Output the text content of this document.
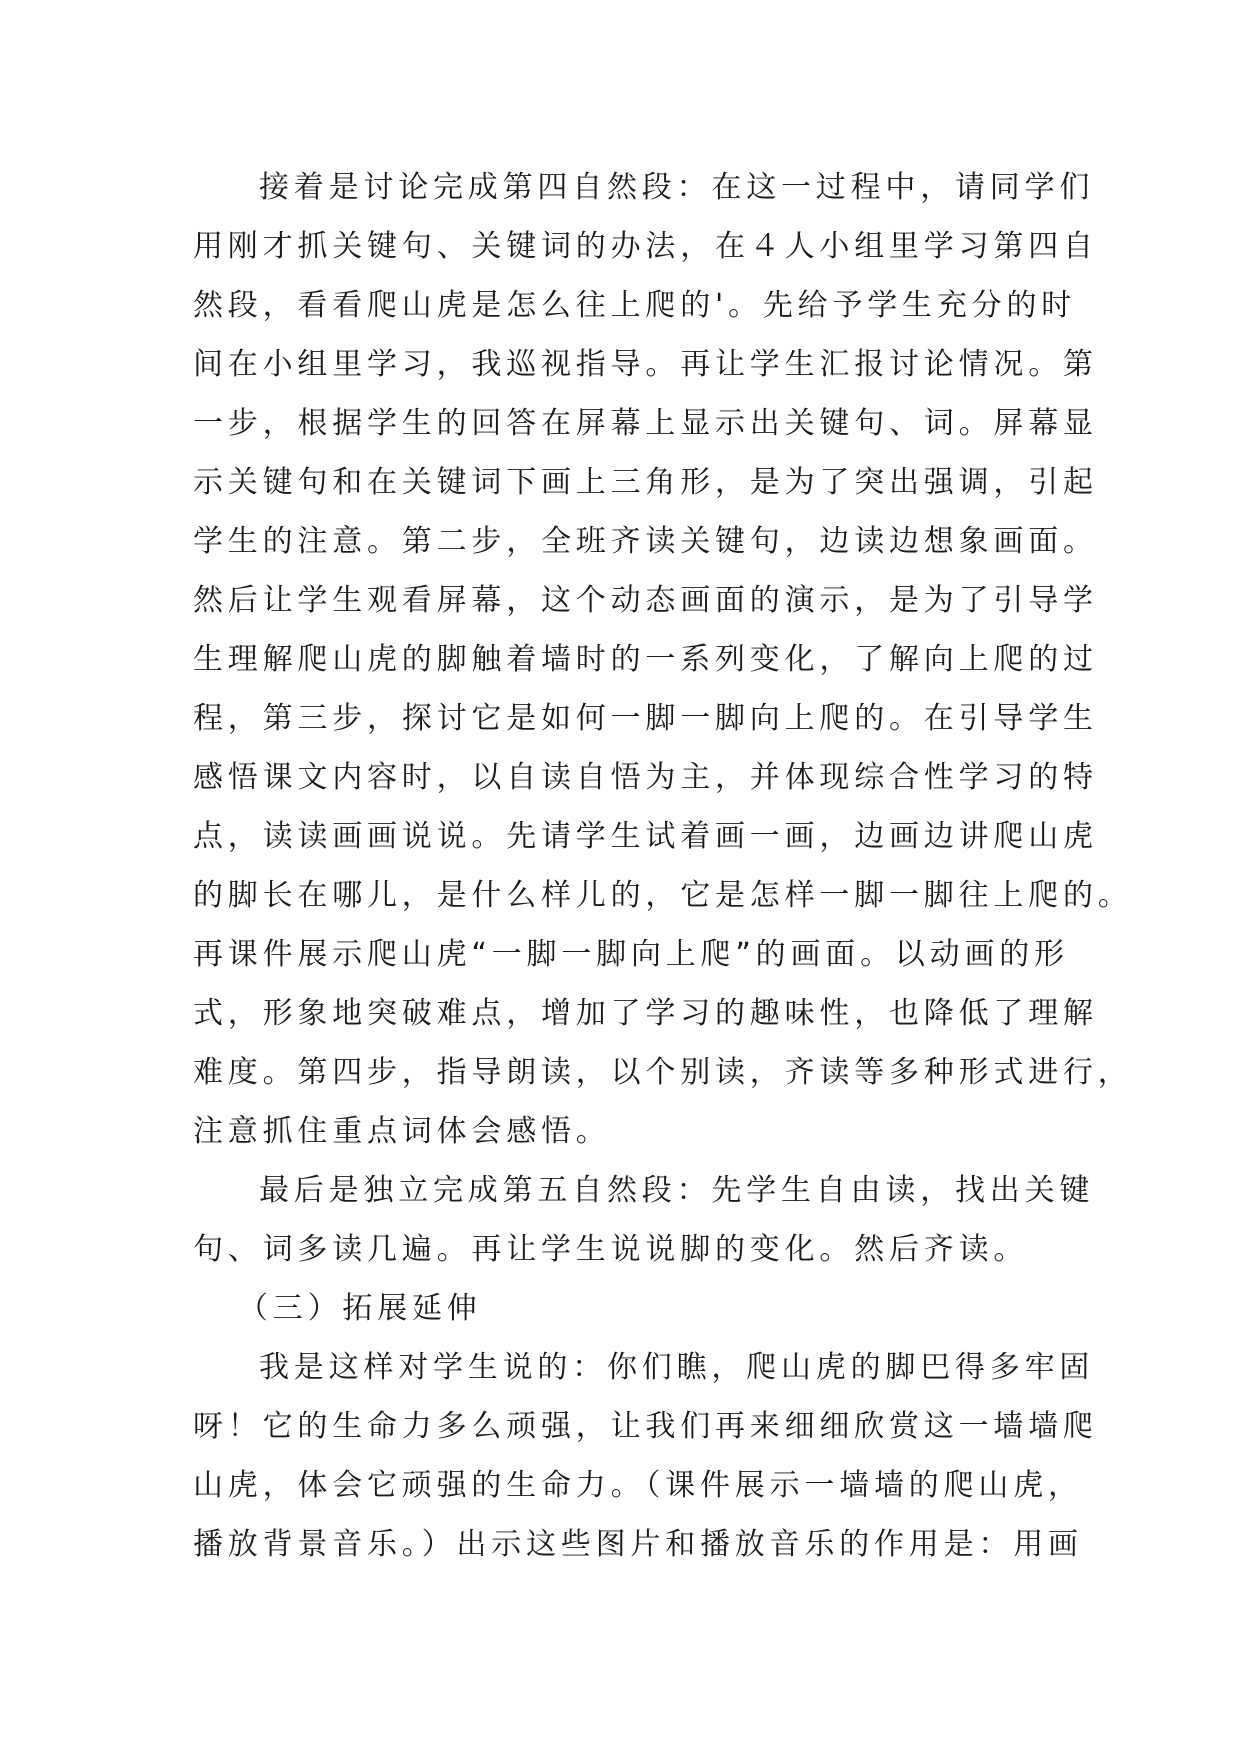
接着是讨论完成第四自然段：在这一过程中，请同学们
用刚才抓关键句、关键词的办法，在４人小组里学习第四自
然段，看看爬山虎是怎么往上爬的'。先给予学生充分的时
间在小组里学习，我巡视指导。再让学生汇报讨论情况。第
一步，根据学生的回答在屏幕上显示出关键句、词。屏幕显
示关键句和在关键词下画上三角形，是为了突出强调，引起
学生的注意。第二步，全班齐读关键句，边读边想象画面。
然后让学生观看屏幕，这个动态画面的演示，是为了引导学
生理解爬山虎的脚触着墙时的一系列变化，了解向上爬的过
程，第三步，探讨它是如何一脚一脚向上爬的。在引导学生
感悟课文内容时，以自读自悟为主，并体现综合性学习的特
点，读读画画说说。先请学生试着画一画，边画边讲爬山虎
的脚长在哪儿，是什么样儿的，它是怎样一脚一脚往上爬的。
再课件展示爬山虎“一脚一脚向上爬”的画面。以动画的形
式，形象地突破难点，增加了学习的趣味性，也降低了理解
难度。第四步，指导朗读，以个别读，齐读等多种形式进行，
注意抓住重点词体会感悟。
最后是独立完成第五自然段：先学生自由读，找出关键
句、词多读几遍。再让学生说说脚的变化。然后齐读。
（三）拓展延伸
我是这样对学生说的：你们瞧，爬山虎的脚巴得多牢固
呀！它的生命力多么顽强，让我们再来细细欣赏这一墙墙爬
山虎，体会它顽强的生命力。（课件展示一墙墙的爬山虎，
播放背景音乐。）出示这些图片和播放音乐的作用是：用画
